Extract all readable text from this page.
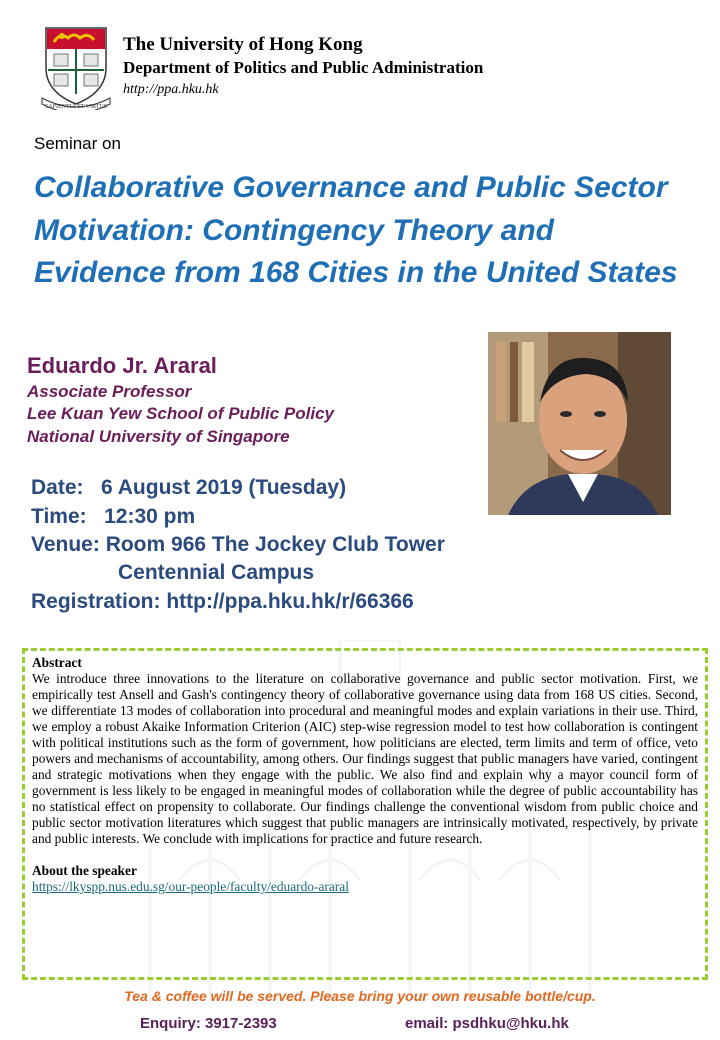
SAPIENTIA ET VIRTUS
The University of Hong Kong
Department of Politics and Public Administration
http://ppa.hku.hk
Seminar on
Collaborative Governance and Public Sector Motivation: Contingency Theory and Evidence from 168 Cities in the United States
Eduardo Jr. Araral
Associate Professor
Lee Kuan Yew School of Public Policy
National University of Singapore
Date:   6 August 2019 (Tuesday)
Time:   12:30 pm
Venue: Room 966 The Jockey Club Tower
Centennial Campus
Registration: http://ppa.hku.hk/r/66366
Abstract
We introduce three innovations to the literature on collaborative governance and public sector motivation. First, we empirically test Ansell and Gash's contingency theory of collaborative governance using data from 168 US cities. Second, we differentiate 13 modes of collaboration into procedural and meaningful modes and explain variations in their use. Third, we employ a robust Akaike Information Criterion (AIC) step-wise regression model to test how collaboration is contingent with political institutions such as the form of government, how politicians are elected, term limits and term of office, veto powers and mechanisms of accountability, among others. Our findings suggest that public managers have varied, contingent and strategic motivations when they engage with the public. We also find and explain why a mayor council form of government is less likely to be engaged in meaningful modes of collaboration while the degree of public accountability has no statistical effect on propensity to collaborate. Our findings challenge the conventional wisdom from public choice and public sector motivation literatures which suggest that public managers are intrinsically motivated, respectively, by private and public interests. We conclude with implications for practice and future research.
About the speaker
https://lkyspp.nus.edu.sg/our-people/faculty/eduardo-araral
Tea & coffee will be served. Please bring your own reusable bottle/cup.
Enquiry: 3917-2393	email: psdhku@hku.hk
